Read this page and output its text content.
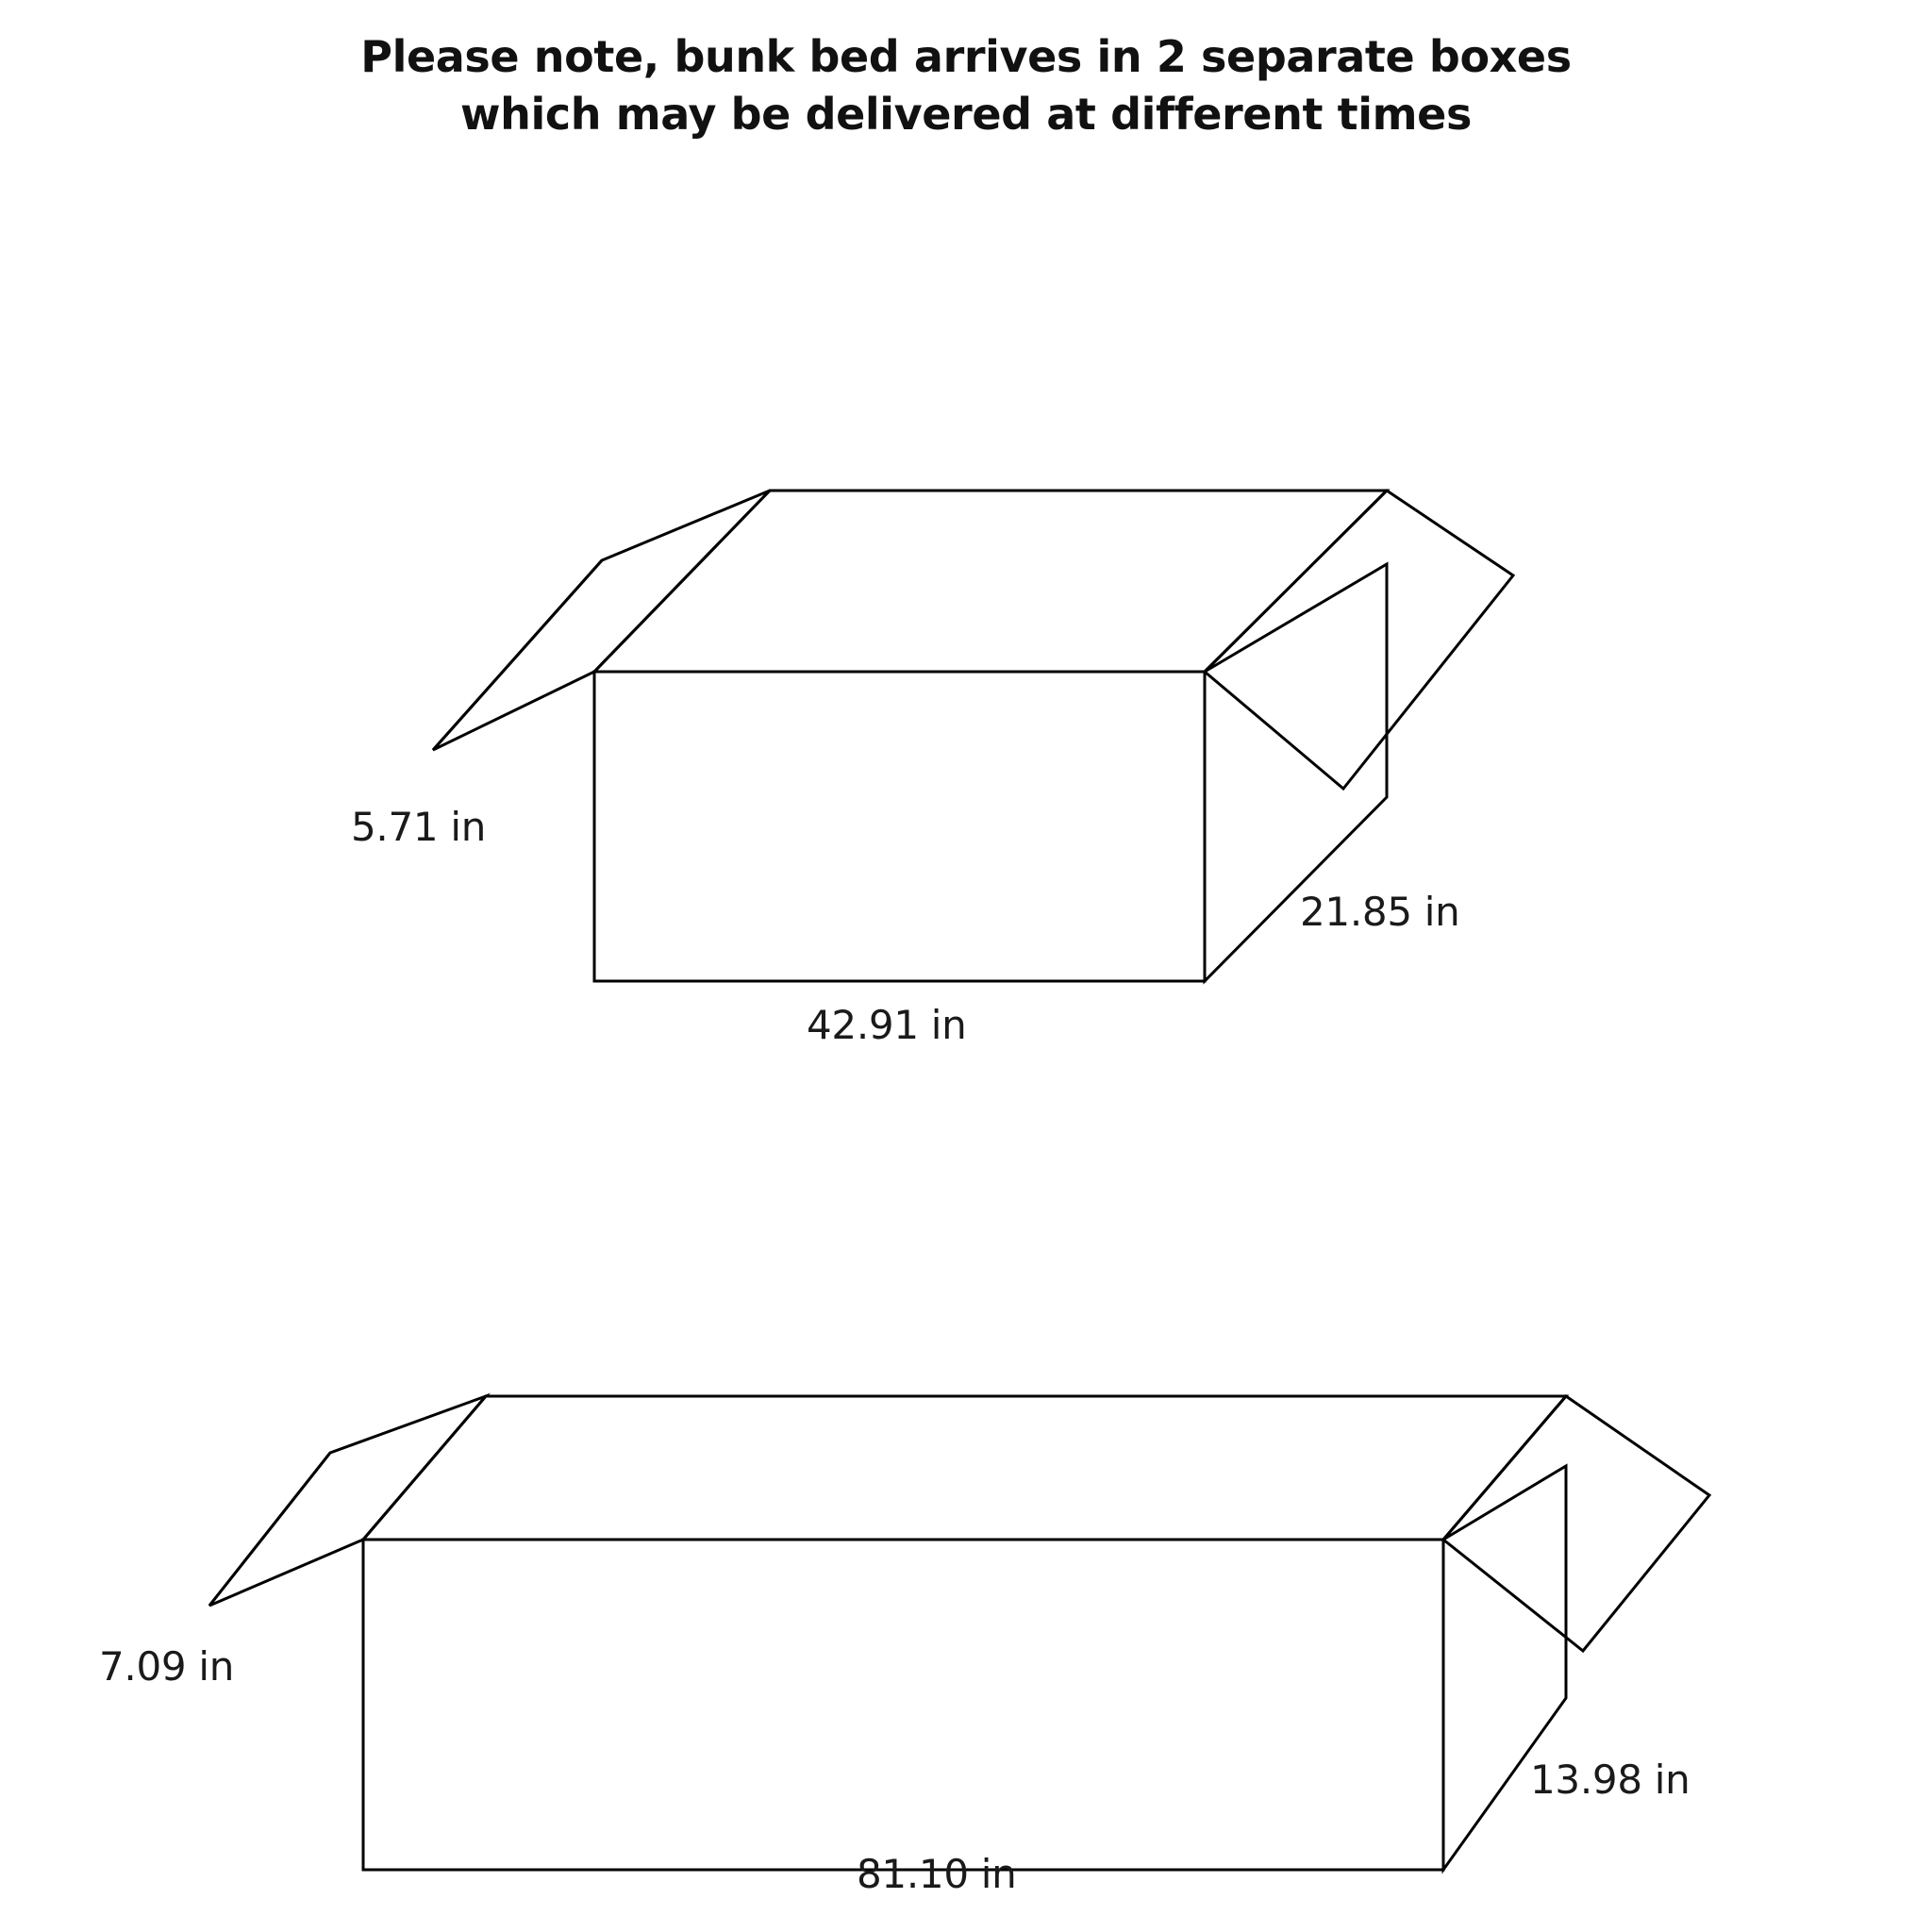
Please note, bunk bed arrives in 2 separate boxes
which may be delivered at different times
5.71 in
21.85 in
42.91 in
7.09 in
13.98 in
81.10 in
